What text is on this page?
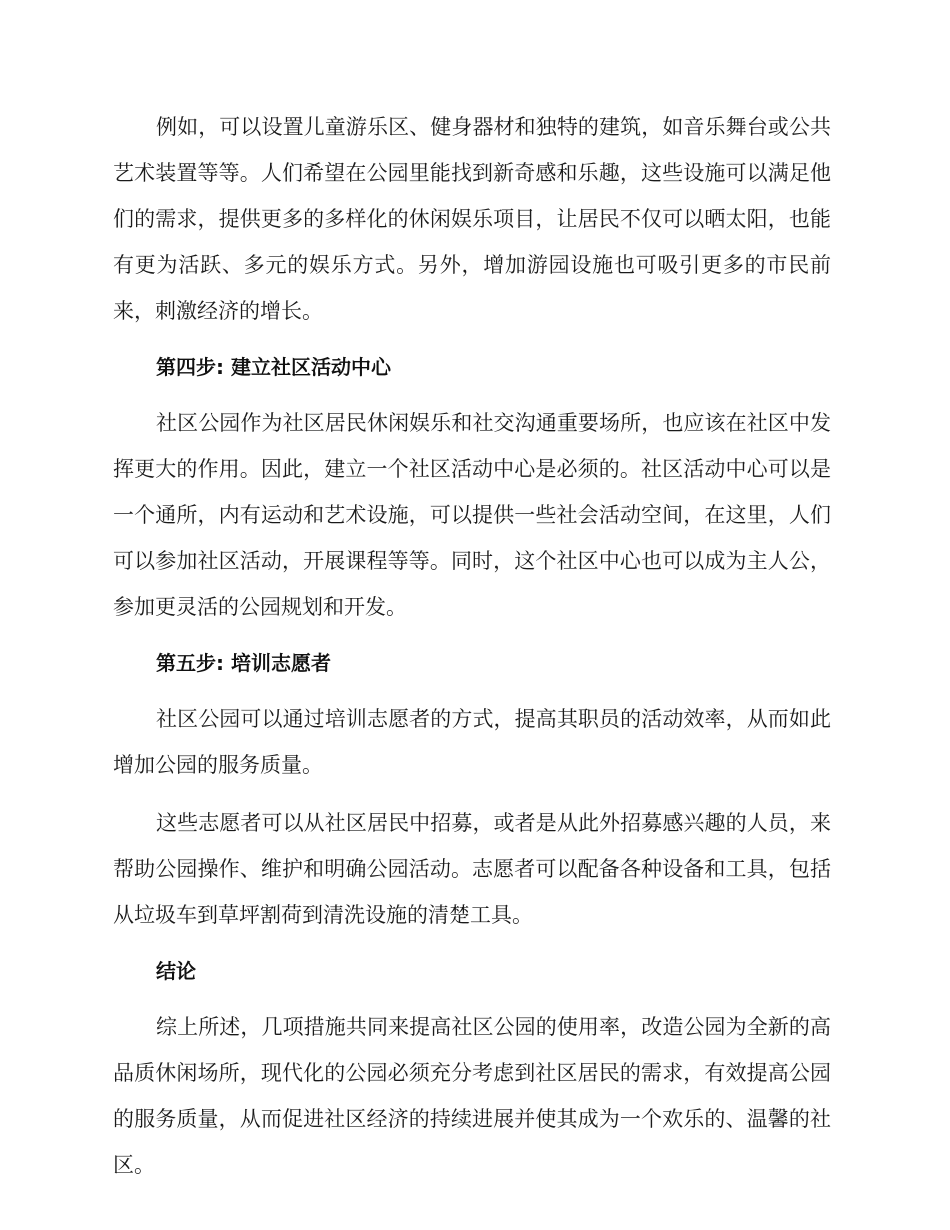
例如，可以设置儿童游乐区、健身器材和独特的建筑，如音乐舞台或公共艺术装置等等。人们希望在公园里能找到新奇感和乐趣，这些设施可以满足他们的需求，提供更多的多样化的休闲娱乐项目，让居民不仅可以晒太阳，也能有更为活跃、多元的娱乐方式。另外，增加游园设施也可吸引更多的市民前来，刺激经济的增长。

第四步: 建立社区活动中心

社区公园作为社区居民休闲娱乐和社交沟通重要场所，也应该在社区中发挥更大的作用。因此，建立一个社区活动中心是必须的。社区活动中心可以是一个通所，内有运动和艺术设施，可以提供一些社会活动空间，在这里，人们可以参加社区活动，开展课程等等。同时，这个社区中心也可以成为主人公，参加更灵活的公园规划和开发。

第五步: 培训志愿者

社区公园可以通过培训志愿者的方式，提高其职员的活动效率，从而如此增加公园的服务质量。

这些志愿者可以从社区居民中招募，或者是从此外招募感兴趣的人员，来帮助公园操作、维护和明确公园活动。志愿者可以配备各种设备和工具，包括从垃圾车到草坪割荷到清洗设施的清楚工具。

结论

综上所述，几项措施共同来提高社区公园的使用率，改造公园为全新的高品质休闲场所，现代化的公园必须充分考虑到社区居民的需求，有效提高公园的服务质量，从而促进社区经济的持续进展并使其成为一个欢乐的、温馨的社区。
